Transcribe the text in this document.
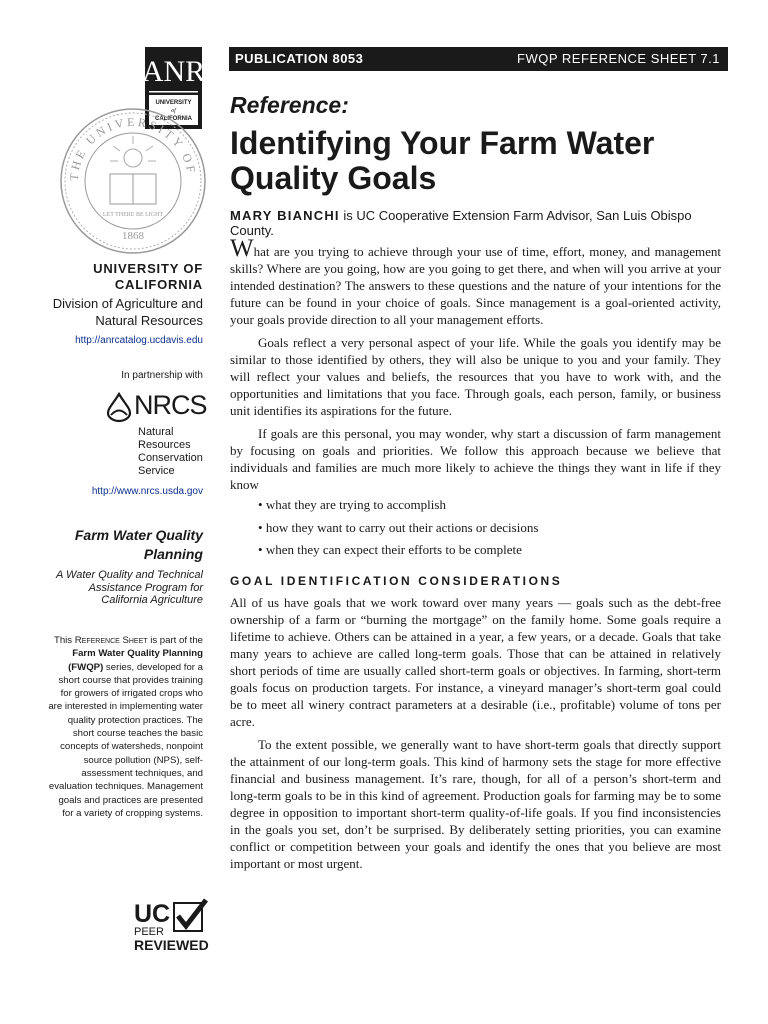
ANR
UNIVERSITY
of
CALIFORNIA
THE UNIVERSITY OF
LET THERE BE LIGHT
1868
PUBLICATION 8053	FWQP REFERENCE SHEET 7.1
Reference:
Identifying Your Farm Water Quality Goals
MARY BIANCHI is UC Cooperative Extension Farm Advisor, San Luis Obispo County.
UNIVERSITY OF CALIFORNIA
Division of Agriculture and Natural Resources
http://anrcatalog.ucdavis.edu
In partnership with
NRCS
Natural
Resources
Conservation
Service
http://www.nrcs.usda.gov
Farm Water Quality Planning
A Water Quality and Technical Assistance Program for California Agriculture
This Reference Sheet is part of the Farm Water Quality Planning (FWQP) series, developed for a short course that provides training for growers of irrigated crops who are interested in implementing water quality protection practices. The short course teaches the basic concepts of watersheds, nonpoint source pollution (NPS), self-assessment techniques, and evaluation techniques. Management goals and practices are presented for a variety of cropping systems.
UC
PEER
REVIEWED

What are you trying to achieve through your use of time, effort, money, and management skills? Where are you going, how are you going to get there, and when will you arrive at your intended destination? The answers to these questions and the nature of your intentions for the future can be found in your choice of goals. Since management is a goal-oriented activity, your goals provide direction to all your management efforts.

Goals reflect a very personal aspect of your life. While the goals you identify may be similar to those identified by others, they will also be unique to you and your family. They will reflect your values and beliefs, the resources that you have to work with, and the opportunities and limitations that you face. Through goals, each person, family, or business unit identifies its aspirations for the future.

If goals are this personal, you may wonder, why start a discussion of farm management by focusing on goals and priorities. We follow this approach because we believe that individuals and families are much more likely to achieve the things they want in life if they know

• what they are trying to accomplish
• how they want to carry out their actions or decisions
• when they can expect their efforts to be complete
GOAL IDENTIFICATION CONSIDERATIONS

All of us have goals that we work toward over many years — goals such as the debt-free ownership of a farm or “burning the mortgage” on the family home. Some goals require a lifetime to achieve. Others can be attained in a year, a few years, or a decade. Goals that take many years to achieve are called long-term goals. Those that can be attained in relatively short periods of time are usually called short-term goals or objectives. In farming, short-term goals focus on production targets. For instance, a vineyard manager’s short-term goal could be to meet all winery contract parameters at a desirable (i.e., profitable) volume of tons per acre.

To the extent possible, we generally want to have short-term goals that directly support the attainment of our long-term goals. This kind of harmony sets the stage for more effective financial and business management. It’s rare, though, for all of a person’s short-term and long-term goals to be in this kind of agreement. Production goals for farming may be to some degree in opposition to important short-term quality-of-life goals. If you find inconsistencies in the goals you set, don’t be surprised. By deliberately setting priorities, you can examine conflict or competition between your goals and identify the ones that you believe are most important or most urgent.
